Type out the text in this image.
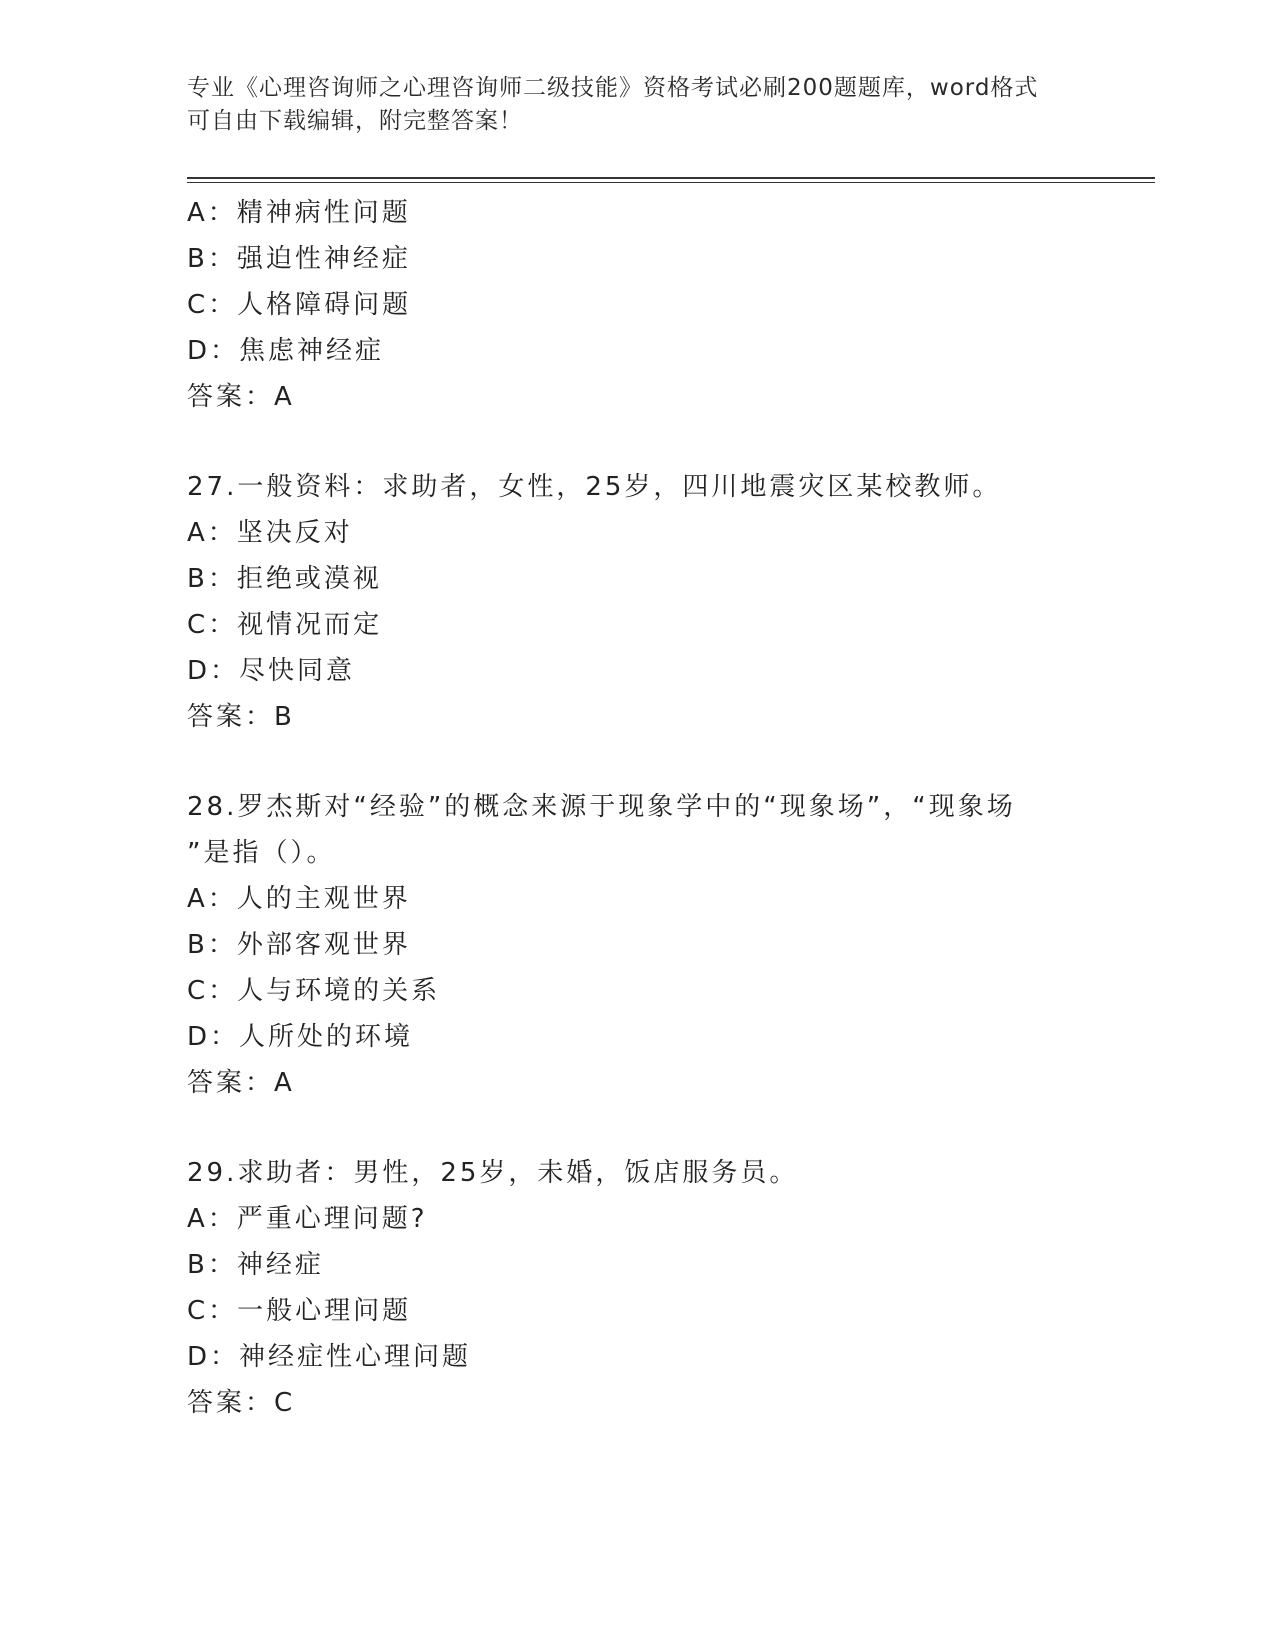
专业《心理咨询师之心理咨询师二级技能》资格考试必刷200题题库，word格式
可自由下载编辑，附完整答案！
A：精神病性问题
B：强迫性神经症
C：人格障碍问题
D：焦虑神经症
答案：A
27.一般资料：求助者，女性，25岁，四川地震灾区某校教师。
A：坚决反对
B：拒绝或漠视
C：视情况而定
D：尽快同意
答案：B
28.罗杰斯对“经验”的概念来源于现象学中的“现象场”，“现象场
”是指（）。
A：人的主观世界
B：外部客观世界
C：人与环境的关系
D：人所处的环境
答案：A
29.求助者：男性，25岁，未婚，饭店服务员。
A：严重心理问题?
B：神经症
C：一般心理问题
D：神经症性心理问题
答案：C
